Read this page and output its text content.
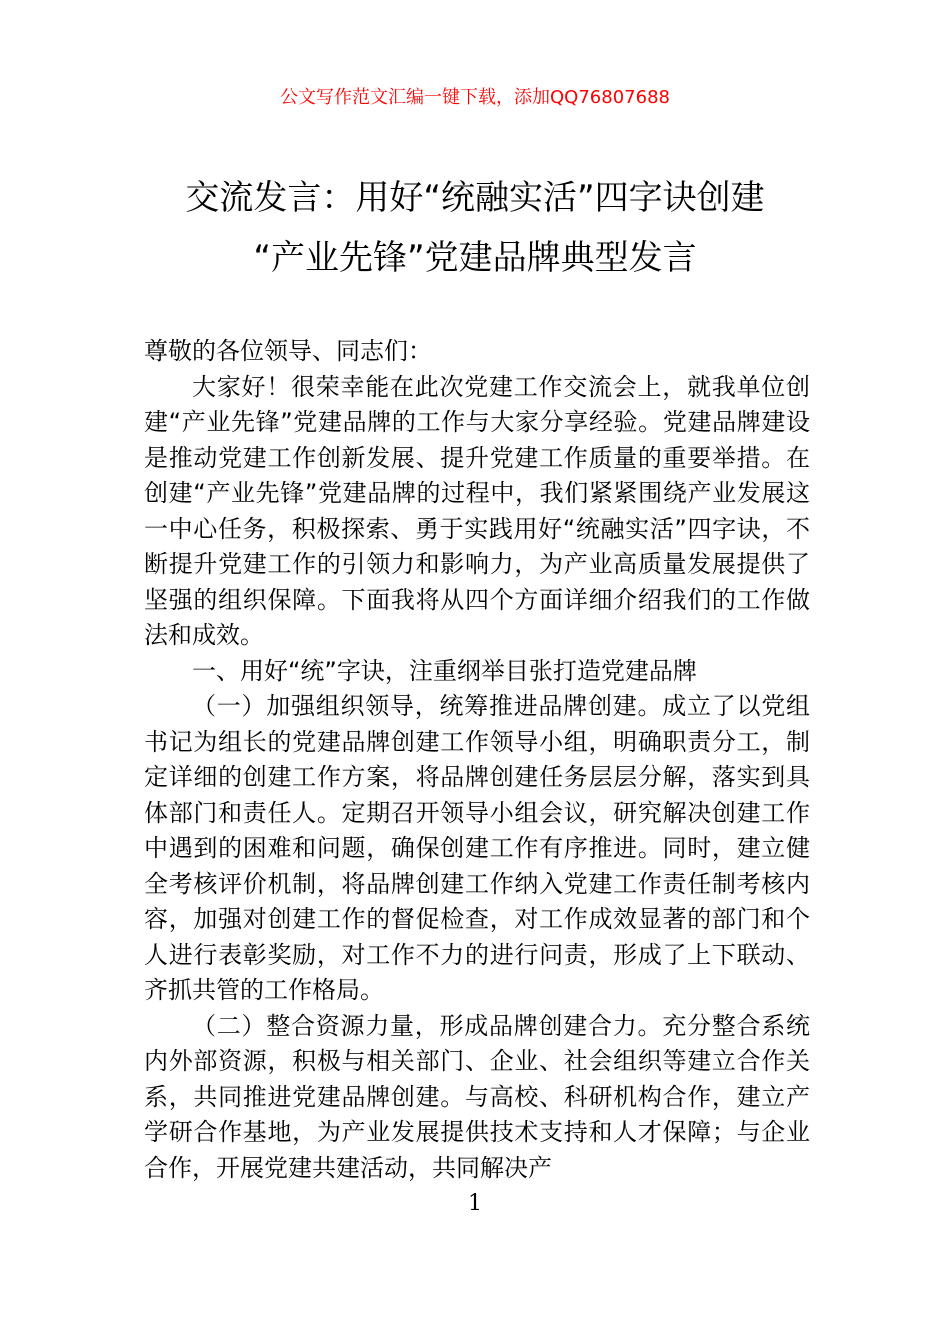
公文写作范文汇编一键下载，添加QQ76807688
交流发言：用好“统融实活”四字诀创建
“产业先锋”党建品牌典型发言

尊敬的各位领导、同志们：

大家好！很荣幸能在此次党建工作交流会上，就我单位创建“产业先锋”党建品牌的工作与大家分享经验。党建品牌建设是推动党建工作创新发展、提升党建工作质量的重要举措。在创建“产业先锋”党建品牌的过程中，我们紧紧围绕产业发展这一中心任务，积极探索、勇于实践用好“统融实活”四字诀，不断提升党建工作的引领力和影响力，为产业高质量发展提供了坚强的组织保障。下面我将从四个方面详细介绍我们的工作做法和成效。

一、用好“统”字诀，注重纲举目张打造党建品牌

（一）加强组织领导，统筹推进品牌创建。成立了以党组书记为组长的党建品牌创建工作领导小组，明确职责分工，制定详细的创建工作方案，将品牌创建任务层层分解，落实到具体部门和责任人。定期召开领导小组会议，研究解决创建工作中遇到的困难和问题，确保创建工作有序推进。同时，建立健全考核评价机制，将品牌创建工作纳入党建工作责任制考核内容，加强对创建工作的督促检查，对工作成效显著的部门和个人进行表彰奖励，对工作不力的进行问责，形成了上下联动、齐抓共管的工作格局。

（二）整合资源力量，形成品牌创建合力。充分整合系统内外部资源，积极与相关部门、企业、社会组织等建立合作关系，共同推进党建品牌创建。与高校、科研机构合作，建立产学研合作基地，为产业发展提供技术支持和人才保障；与企业合作，开展党建共建活动，共同解决产

1
